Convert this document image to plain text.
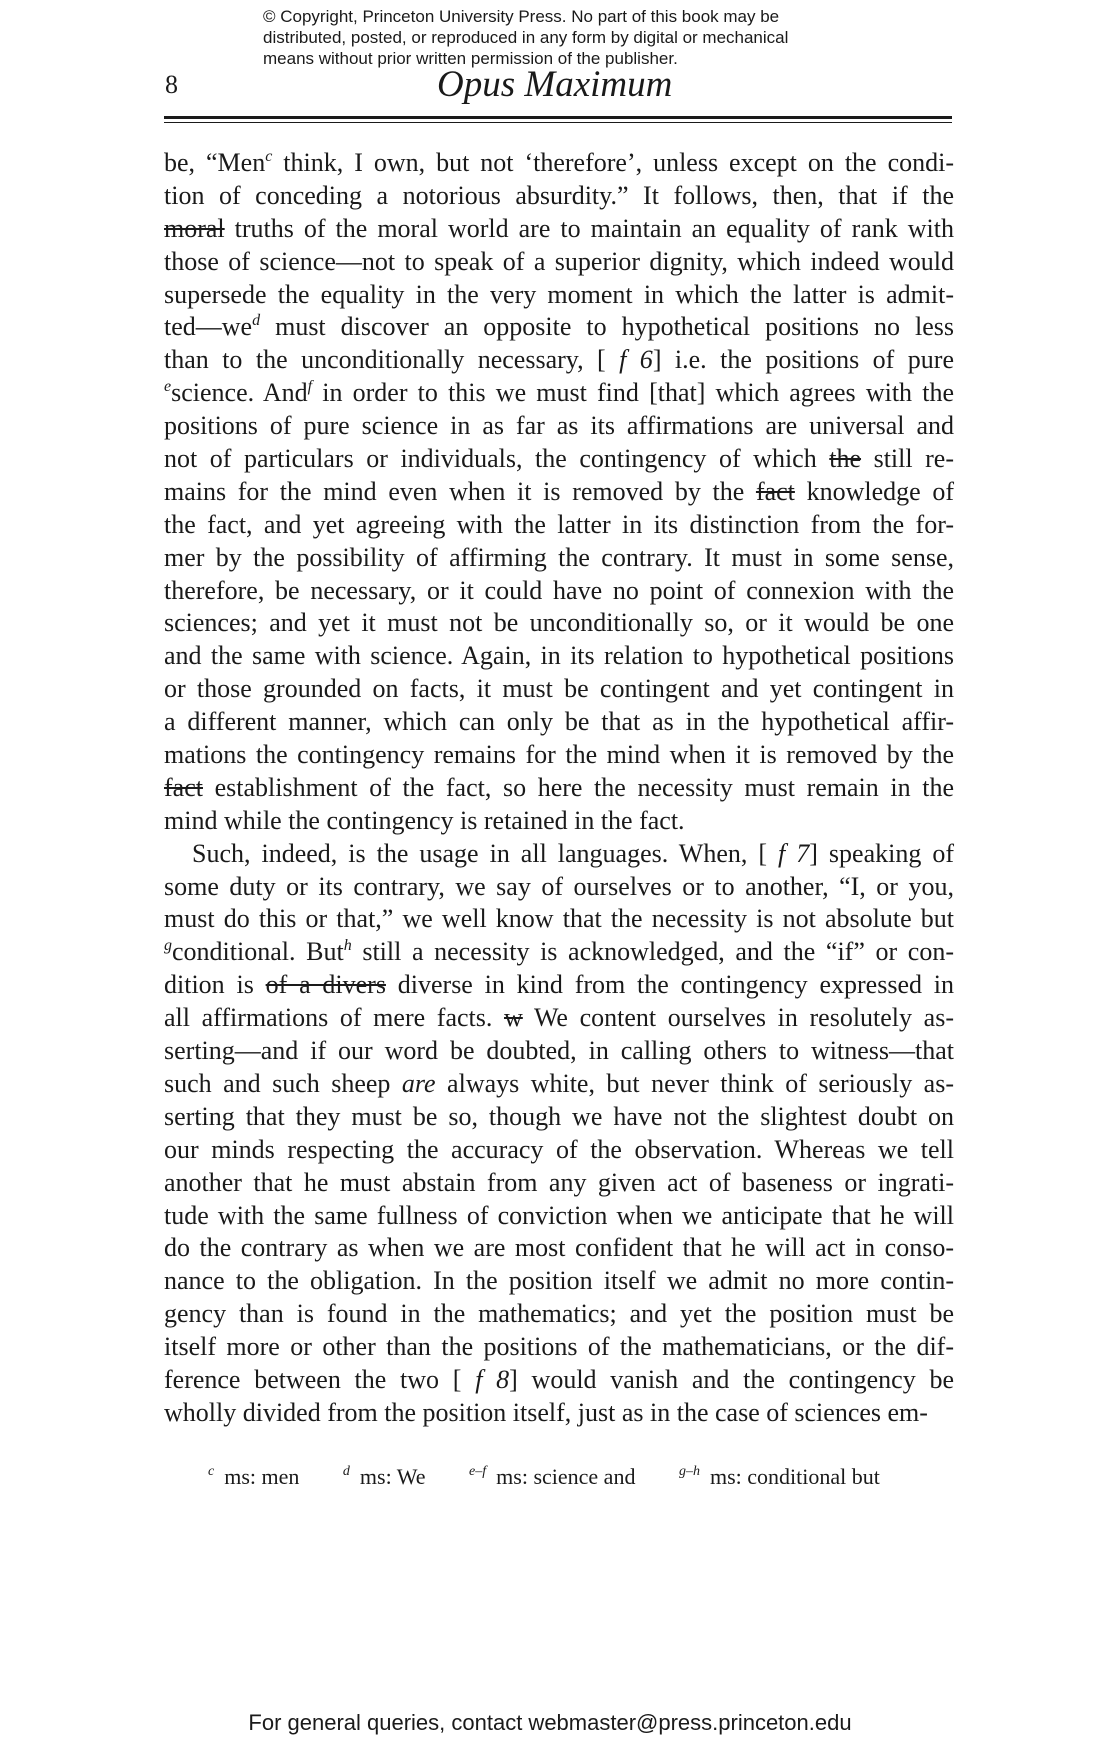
© Copyright, Princeton University Press. No part of this book may be
distributed, posted, or reproduced in any form by digital or mechanical
means without prior written permission of the publisher.
8	Opus Maximum
be, “Men$^c$ think, I own, but not ‘therefore’, unless except on the condi-
tion of conceding a notorious absurdity.” It follows, then, that if the
moral truths of the moral world are to maintain an equality of rank with
those of science—not to speak of a superior dignity, which indeed would
supersede the equality in the very moment in which the latter is admit-
$ted—we^d$ must discover an opposite to hypothetical positions no less
than to the unconditionally necessary, [ f 6] i.e. the positions of pure
$^e$science. And$^f$ in order to this we must find [that] which agrees with the
positions of pure science in as far as its affirmations are universal and
not of particulars or individuals, the contingency of which the still re-
mains for the mind even when it is removed by the fact knowledge of
the fact, and yet agreeing with the latter in its distinction from the for-
mer by the possibility of affirming the contrary. It must in some sense,
therefore, be necessary, or it could have no point of connexion with the
sciences; and yet it must not be unconditionally so, or it would be one
and the same with science. Again, in its relation to hypothetical positions
or those grounded on facts, it must be contingent and yet contingent in
a different manner, which can only be that as in the hypothetical affir-
mations the contingency remains for the mind when it is removed by the
fact establishment of the fact, so here the necessity must remain in the
mind while the contingency is retained in the fact.
Such, indeed, is the usage in all languages. When, [ f 7] speaking of
some duty or its contrary, we say of ourselves or to another, “I, or you,
must do this or that,” we well know that the necessity is not absolute but
$^g$conditional. But$^h$ still a necessity is acknowledged, and the “if” or con-
dition is of a divers diverse in kind from the contingency expressed in
all affirmations of mere facts. w We content ourselves in resolutely as-
serting—and if our word be doubted, in calling others to witness—that
such and such sheep are always white, but never think of seriously as-
serting that they must be so, though we have not the slightest doubt on
our minds respecting the accuracy of the observation. Whereas we tell
another that he must abstain from any given act of baseness or ingrati-
tude with the same fullness of conviction when we anticipate that he will
do the contrary as when we are most confident that he will act in conso-
nance to the obligation. In the position itself we admit no more contin-
gency than is found in the mathematics; and yet the position must be
itself more or other than the positions of the mathematicians, or the dif-
ference between the two [ f 8] would vanish and the contingency be
wholly divided from the position itself, just as in the case of sciences em-
$^c$ ms: men	$^d$ ms: We	$^{e-f}$ ms: science and	$^{g-h}$ ms: conditional but
For general queries, contact webmaster@press.princeton.edu
